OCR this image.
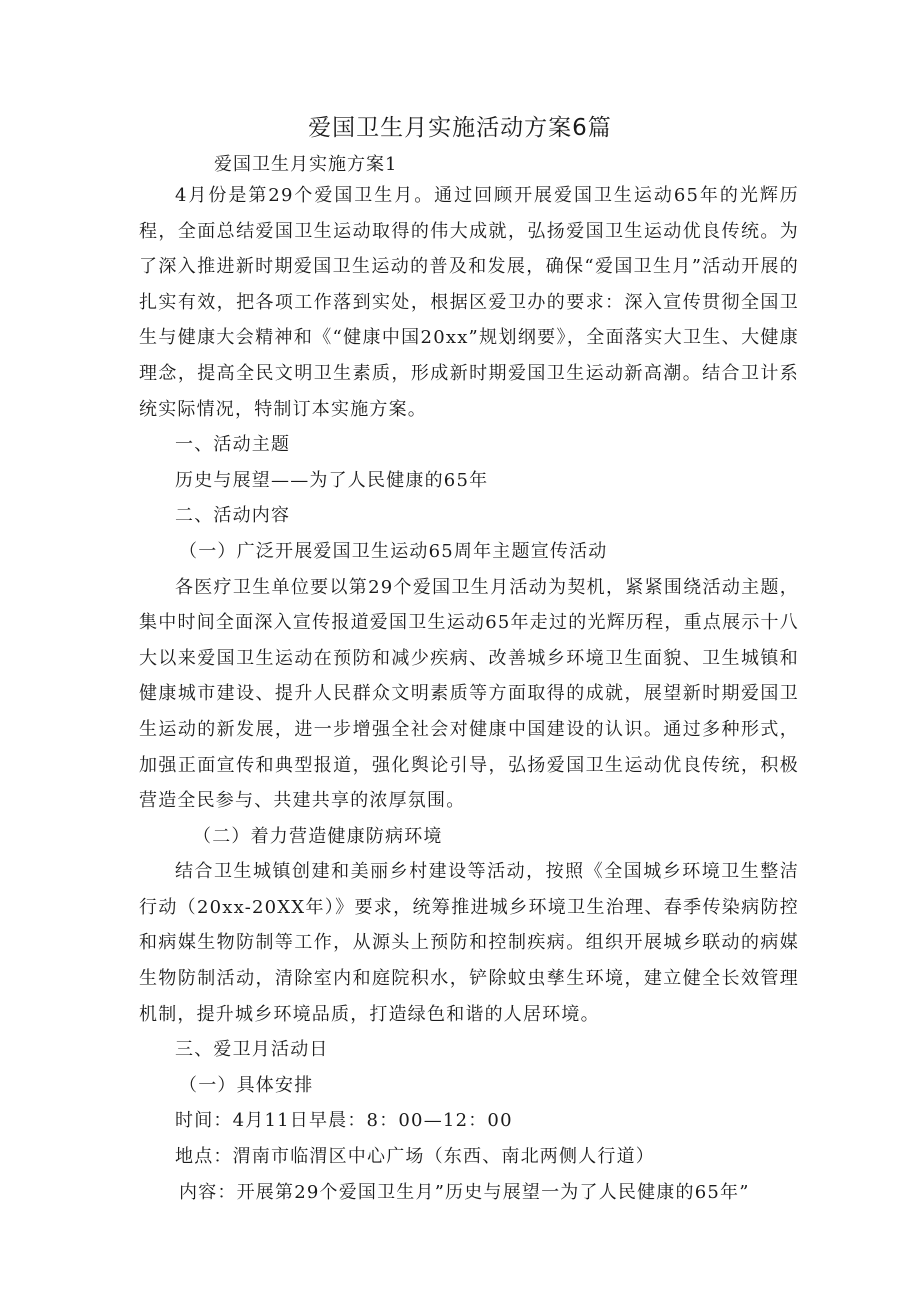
爱国卫生月实施活动方案6篇
爱国卫生月实施方案1

4月份是第29个爱国卫生月。通过回顾开展爱国卫生运动65年的光辉历程，全面总结爱国卫生运动取得的伟大成就，弘扬爱国卫生运动优良传统。为了深入推进新时期爱国卫生运动的普及和发展，确保“爱国卫生月”活动开展的扎实有效，把各项工作落到实处，根据区爱卫办的要求：深入宣传贯彻全国卫生与健康大会精神和《“健康中国20xx”规划纲要》，全面落实大卫生、大健康理念，提高全民文明卫生素质，形成新时期爱国卫生运动新高潮。结合卫计系统实际情况，特制订本实施方案。

一、活动主题

历史与展望——为了人民健康的65年

二、活动内容

（一）广泛开展爱国卫生运动65周年主题宣传活动

各医疗卫生单位要以第29个爱国卫生月活动为契机，紧紧围绕活动主题，集中时间全面深入宣传报道爱国卫生运动65年走过的光辉历程，重点展示十八大以来爱国卫生运动在预防和减少疾病、改善城乡环境卫生面貌、卫生城镇和健康城市建设、提升人民群众文明素质等方面取得的成就，展望新时期爱国卫生运动的新发展，进一步增强全社会对健康中国建设的认识。通过多种形式，加强正面宣传和典型报道，强化舆论引导，弘扬爱国卫生运动优良传统，积极营造全民参与、共建共享的浓厚氛围。

（二）着力营造健康防病环境

结合卫生城镇创建和美丽乡村建设等活动，按照《全国城乡环境卫生整洁行动（20xx-20XX年）》要求，统筹推进城乡环境卫生治理、春季传染病防控和病媒生物防制等工作，从源头上预防和控制疾病。组织开展城乡联动的病媒生物防制活动，清除室内和庭院积水，铲除蚊虫孳生环境，建立健全长效管理机制，提升城乡环境品质，打造绿色和谐的人居环境。

三、爱卫月活动日

（一）具体安排

时间：4月11日早晨：8：00—12：00

地点：渭南市临渭区中心广场（东西、南北两侧人行道）

内容：开展第29个爱国卫生月”历史与展望一为了人民健康的65年”
